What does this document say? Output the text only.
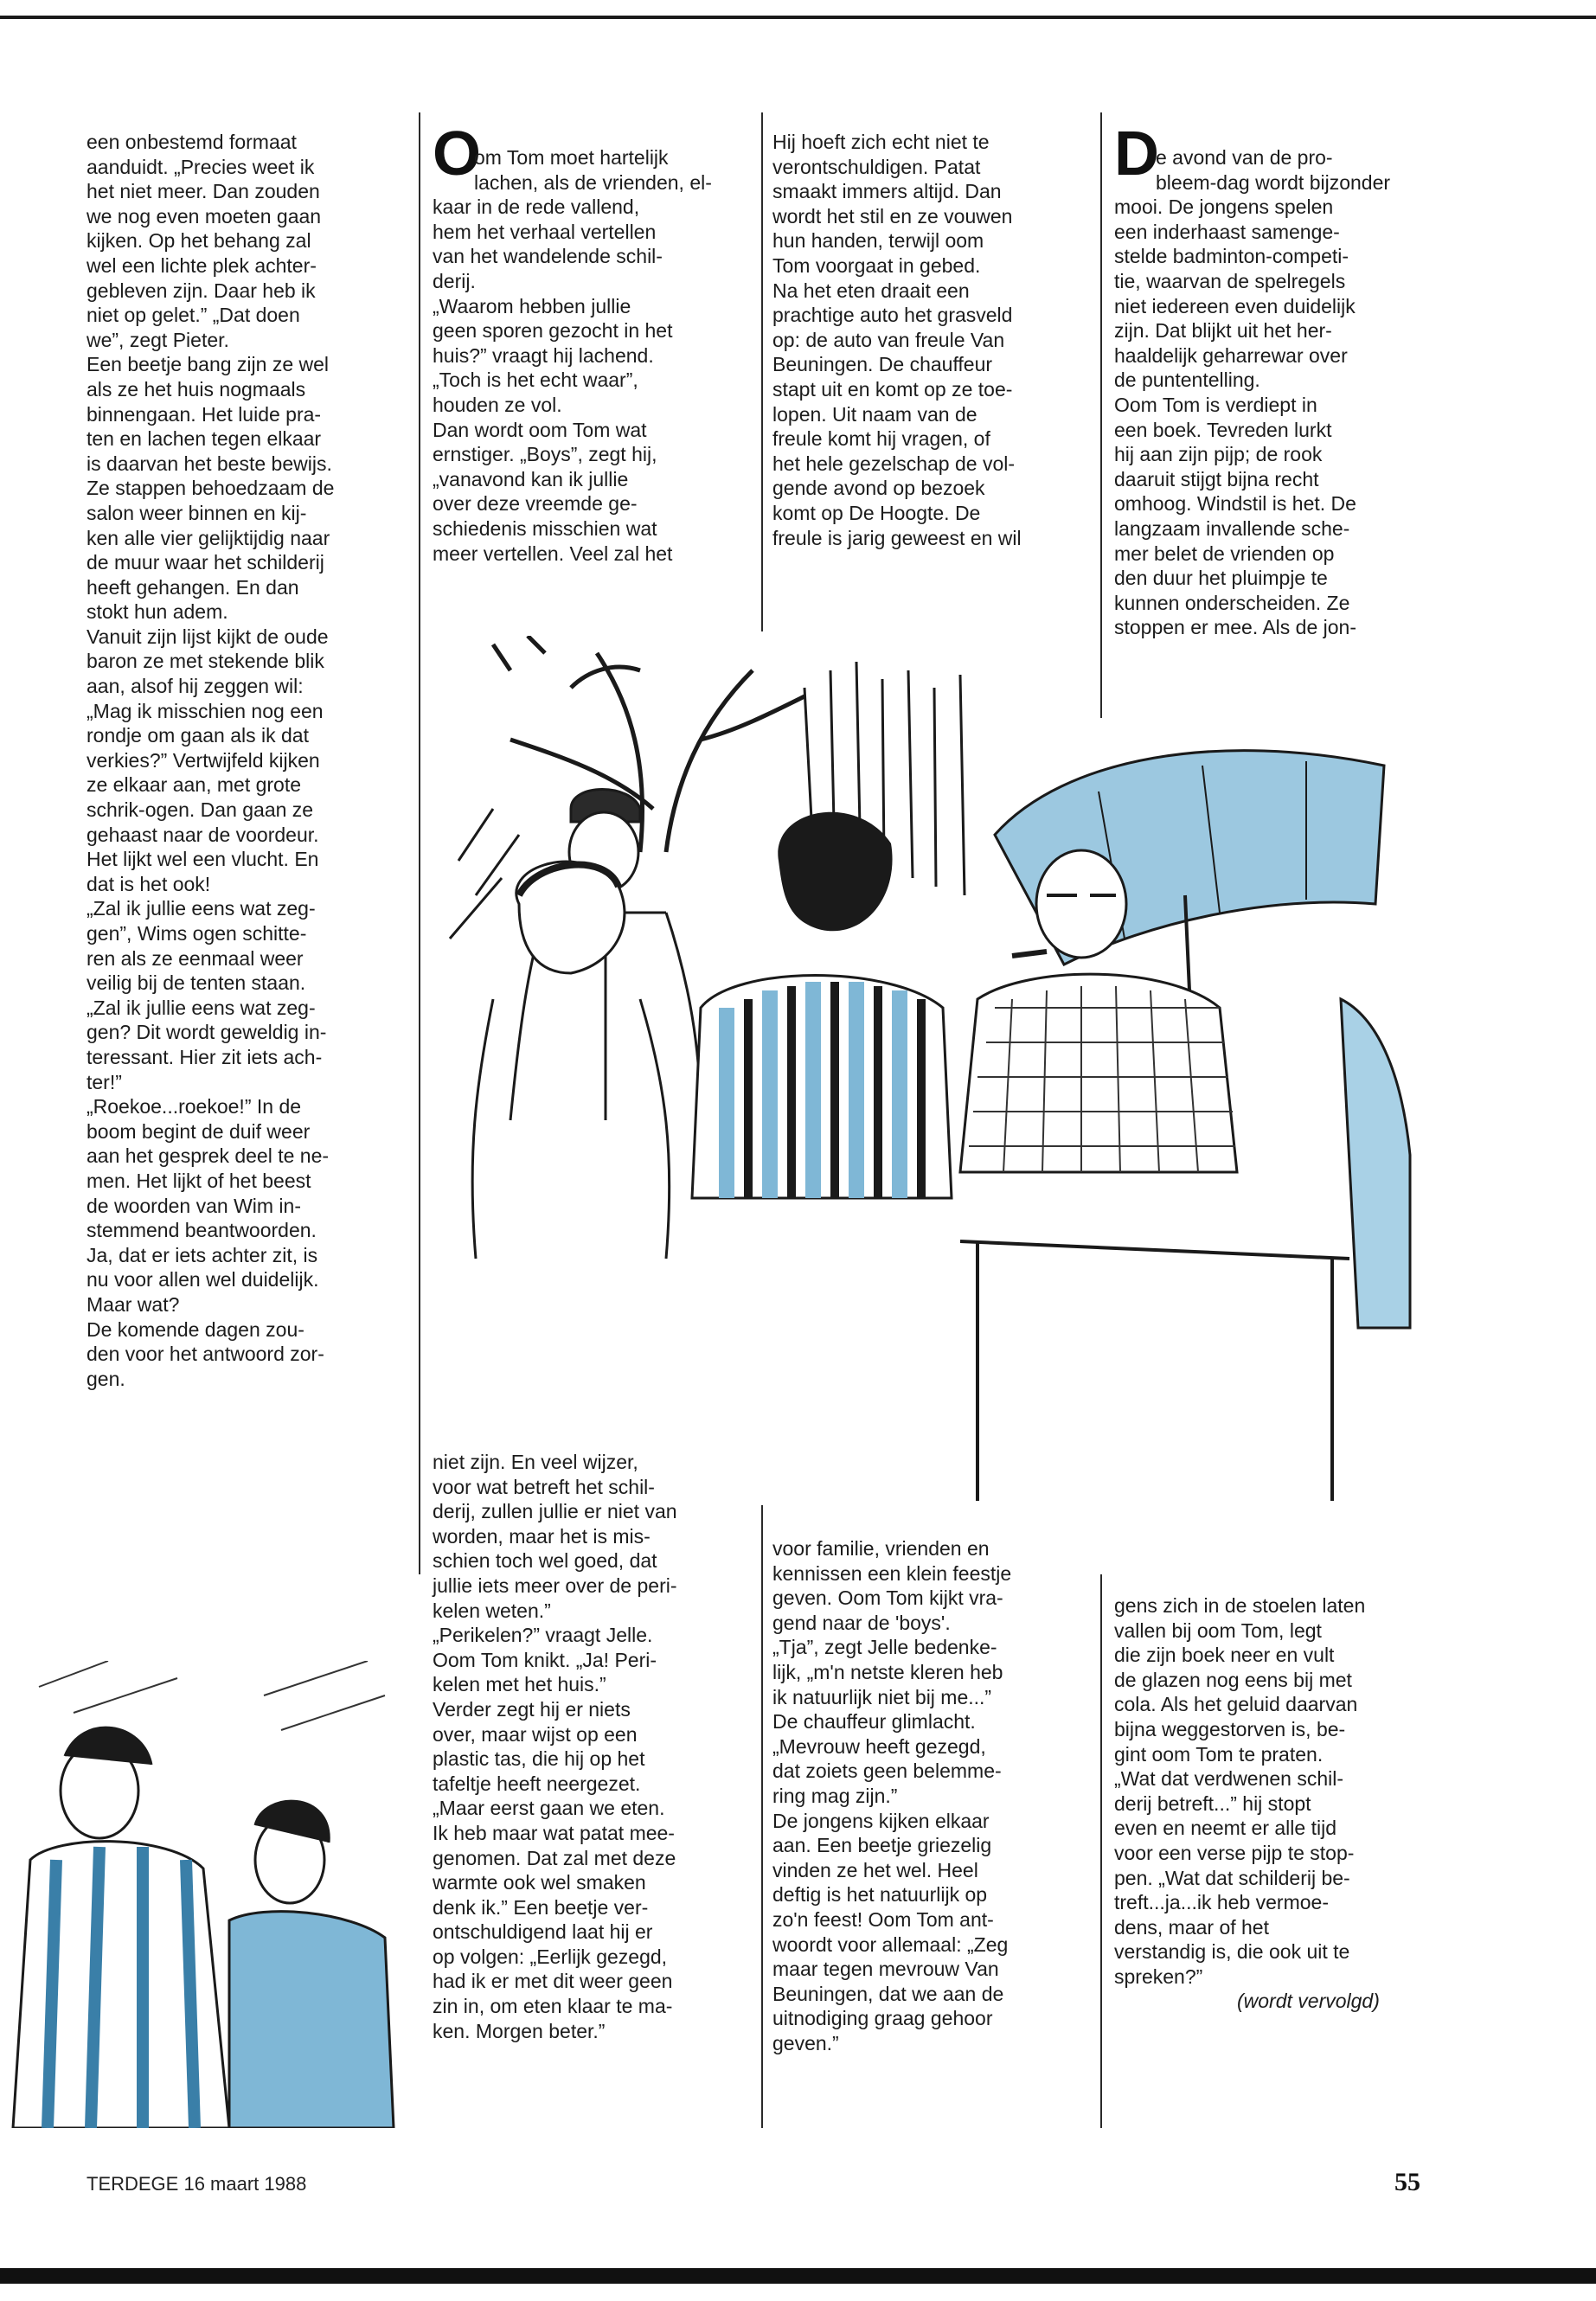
een onbestemd formaat
aanduidt. „Precies weet ik
het niet meer. Dan zouden
we nog even moeten gaan
kijken. Op het behang zal
wel een lichte plek achter-
gebleven zijn. Daar heb ik
niet op gelet.” „Dat doen
we”, zegt Pieter.
Een beetje bang zijn ze wel
als ze het huis nogmaals
binnengaan. Het luide pra-
ten en lachen tegen elkaar
is daarvan het beste bewijs.
Ze stappen behoedzaam de
salon weer binnen en kij-
ken alle vier gelijktijdig naar
de muur waar het schilderij
heeft gehangen. En dan
stokt hun adem.
Vanuit zijn lijst kijkt de oude
baron ze met stekende blik
aan, alsof hij zeggen wil:
„Mag ik misschien nog een
rondje om gaan als ik dat
verkies?” Vertwijfeld kijken
ze elkaar aan, met grote
schrik-ogen. Dan gaan ze
gehaast naar de voordeur.
Het lijkt wel een vlucht. En
dat is het ook!
„Zal ik jullie eens wat zeg-
gen”, Wims ogen schitte-
ren als ze eenmaal weer
veilig bij de tenten staan.
„Zal ik jullie eens wat zeg-
gen? Dit wordt geweldig in-
teressant. Hier zit iets ach-
ter!”
„Roekoe...roekoe!” In de
boom begint de duif weer
aan het gesprek deel te ne-
men. Het lijkt of het beest
de woorden van Wim in-
stemmend beantwoorden.
Ja, dat er iets achter zit, is
nu voor allen wel duidelijk.
Maar wat?
De komende dagen zou-
den voor het antwoord zor-
gen.
O
om Tom moet hartelijk
lachen, als de vrienden, el-
kaar in de rede vallend,
hem het verhaal vertellen
van het wandelende schil-
derij.
„Waarom hebben jullie
geen sporen gezocht in het
huis?” vraagt hij lachend.
„Toch is het echt waar”,
houden ze vol.
Dan wordt oom Tom wat
ernstiger. „Boys”, zegt hij,
„vanavond kan ik jullie
over deze vreemde ge-
schiedenis misschien wat
meer vertellen. Veel zal het
Hij hoeft zich echt niet te
verontschuldigen. Patat
smaakt immers altijd. Dan
wordt het stil en ze vouwen
hun handen, terwijl oom
Tom voorgaat in gebed.
Na het eten draait een
prachtige auto het grasveld
op: de auto van freule Van
Beuningen. De chauffeur
stapt uit en komt op ze toe-
lopen. Uit naam van de
freule komt hij vragen, of
het hele gezelschap de vol-
gende avond op bezoek
komt op De Hoogte. De
freule is jarig geweest en wil
D
e avond van de pro-
bleem-dag wordt bijzonder
mooi. De jongens spelen
een inderhaast samenge-
stelde badminton-competi-
tie, waarvan de spelregels
niet iedereen even duidelijk
zijn. Dat blijkt uit het her-
haaldelijk geharrewar over
de puntentelling.
Oom Tom is verdiept in
een boek. Tevreden lurkt
hij aan zijn pijp; de rook
daaruit stijgt bijna recht
omhoog. Windstil is het. De
langzaam invallende sche-
mer belet de vrienden op
den duur het pluimpje te
kunnen onderscheiden. Ze
stoppen er mee. Als de jon-
niet zijn. En veel wijzer,
voor wat betreft het schil-
derij, zullen jullie er niet van
worden, maar het is mis-
schien toch wel goed, dat
jullie iets meer over de peri-
kelen weten.”
„Perikelen?” vraagt Jelle.
Oom Tom knikt. „Ja! Peri-
kelen met het huis.”
Verder zegt hij er niets
over, maar wijst op een
plastic tas, die hij op het
tafeltje heeft neergezet.
„Maar eerst gaan we eten.
Ik heb maar wat patat mee-
genomen. Dat zal met deze
warmte ook wel smaken
denk ik.” Een beetje ver-
ontschuldigend laat hij er
op volgen: „Eerlijk gezegd,
had ik er met dit weer geen
zin in, om eten klaar te ma-
ken. Morgen beter.”
voor familie, vrienden en
kennissen een klein feestje
geven. Oom Tom kijkt vra-
gend naar de 'boys'.
„Tja”, zegt Jelle bedenke-
lijk, „m'n netste kleren heb
ik natuurlijk niet bij me...”
De chauffeur glimlacht.
„Mevrouw heeft gezegd,
dat zoiets geen belemme-
ring mag zijn.”
De jongens kijken elkaar
aan. Een beetje griezelig
vinden ze het wel. Heel
deftig is het natuurlijk op
zo'n feest! Oom Tom ant-
woordt voor allemaal: „Zeg
maar tegen mevrouw Van
Beuningen, dat we aan de
uitnodiging graag gehoor
geven.”
gens zich in de stoelen laten
vallen bij oom Tom, legt
die zijn boek neer en vult
de glazen nog eens bij met
cola. Als het geluid daarvan
bijna weggestorven is, be-
gint oom Tom te praten.
„Wat dat verdwenen schil-
derij betreft...” hij stopt
even en neemt er alle tijd
voor een verse pijp te stop-
pen. „Wat dat schilderij be-
treft...ja...ik heb vermoe-
dens, maar of het
verstandig is, die ook uit te
spreken?”
(wordt vervolgd)
TERDEGE 16 maart 1988	55
